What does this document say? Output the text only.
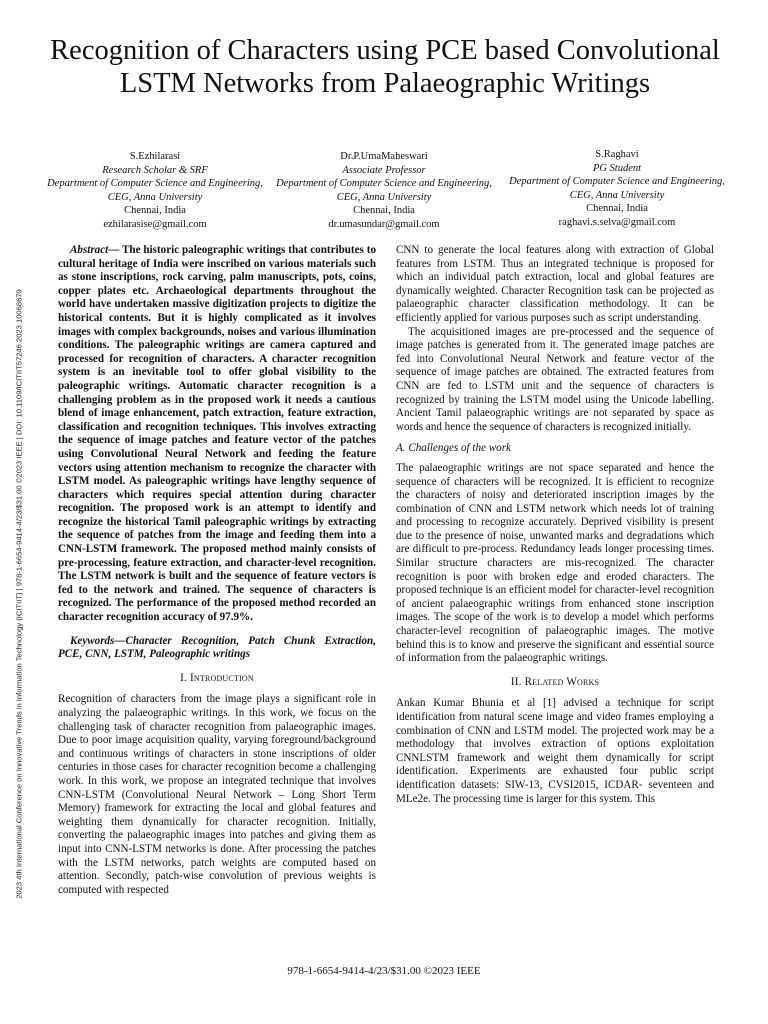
2023 4th International Conference on Innovative Trends in Information Technology (ICITIIT) | 978-1-6654-9414-4/23/$31.00 ©2023 IEEE | DOI: 10.1109/ICITIIT57246.2023.10068679
Recognition of Characters using PCE based Convolutional LSTM Networks from Palaeographic Writings
S.Ezhilarasi
Research Scholar & SRF
Department of Computer Science and Engineering, CEG, Anna University
Chennai, India
ezhilarasise@gmail.com
Dr.P.UmaMaheswari
Associate Professor
Department of Computer Science and Engineering, CEG, Anna University
Chennai, India
dr.umasundar@gmail.com
S.Raghavi
PG Student
Department of Computer Science and Engineering, CEG, Anna University
Chennai, India
raghavi.s.selva@gmail.com

Abstract— The historic paleographic writings that contributes to cultural heritage of India were inscribed on various materials such as stone inscriptions, rock carving, palm manuscripts, pots, coins, copper plates etc. Archaeological departments throughout the world have undertaken massive digitization projects to digitize the historical contents. But it is highly complicated as it involves images with complex backgrounds, noises and various illumination conditions. The paleographic writings are camera captured and processed for recognition of characters. A character recognition system is an inevitable tool to offer global visibility to the paleographic writings. Automatic character recognition is a challenging problem as in the proposed work it needs a cautious blend of image enhancement, patch extraction, feature extraction, classification and recognition techniques. This involves extracting the sequence of image patches and feature vector of the patches using Convolutional Neural Network and feeding the feature vectors using attention mechanism to recognize the character with LSTM model. As paleographic writings have lengthy sequence of characters which requires special attention during character recognition. The proposed work is an attempt to identify and recognize the historical Tamil paleographic writings by extracting the sequence of patches from the image and feeding them into a CNN-LSTM framework. The proposed method mainly consists of pre-processing, feature extraction, and character-level recognition. The LSTM network is built and the sequence of feature vectors is fed to the network and trained. The sequence of characters is recognized. The performance of the proposed method recorded an character recognition accuracy of 97.9%.

Keywords—Character Recognition, Patch Chunk Extraction, PCE, CNN, LSTM, Paleographic writings

I. Introduction

Recognition of characters from the image plays a significant role in analyzing the palaeographic writings. In this work, we focus on the challenging task of character recognition from palaeographic images. Due to poor image acquisition quality, varying foreground/background and continuous writings of characters in stone inscriptions of older centuries in those cases for character recognition become a challenging work. In this work, we propose an integrated technique that involves CNN-LSTM (Convolutional Neural Network – Long Short Term Memory) framework for extracting the local and global features and weighting them dynamically for character recognition. Initially, converting the palaeographic images into patches and giving them as input into CNN-LSTM networks is done. After processing the patches with the LSTM networks, patch weights are computed based on attention. Secondly, patch-wise convolution of previous weights is computed with respected

CNN to generate the local features along with extraction of Global features from LSTM. Thus an integrated technique is proposed for which an individual patch extraction, local and global features are dynamically weighted. Character Recognition task can be projected as palaeographic character classification methodology. It can be efficiently applied for various purposes such as script understanding.

The acquisitioned images are pre-processed and the sequence of image patches is generated from it. The generated image patches are fed into Convolutional Neural Network and feature vector of the sequence of image patches are obtained. The extracted features from CNN are fed to LSTM unit and the sequence of characters is recognized by training the LSTM model using the Unicode labelling. Ancient Tamil palaeographic writings are not separated by space as words and hence the sequence of characters is recognized initially.

A. Challenges of the work

The palaeographic writings are not space separated and hence the sequence of characters will be recognized. It is efficient to recognize the characters of noisy and deteriorated inscription images by the combination of CNN and LSTM network which needs lot of training and processing to recognize accurately. Deprived visibility is present due to the presence of noise, unwanted marks and degradations which are difficult to pre-process. Redundancy leads longer processing times. Similar structure characters are mis-recognized. The character recognition is poor with broken edge and eroded characters. The proposed technique is an efficient model for character-level recognition of ancient palaeographic writings from enhanced stone inscription images. The scope of the work is to develop a model which performs character-level recognition of palaeographic images. The motive behind this is to know and preserve the significant and essential source of information from the palaeographic writings.

II. Related Works

Ankan Kumar Bhunia et al [1] advised a technique for script identification from natural scene image and video frames employing a combination of CNN and LSTM model. The projected work may be a methodology that involves extraction of options exploitation CNNLSTM framework and weight them dynamically for script identification. Experiments are exhausted four public script identification datasets: SIW-13, CVSI2015, ICDAR- seventeen and MLe2e. The processing time is larger for this system. This

978-1-6654-9414-4/23/$31.00 ©2023 IEEE
